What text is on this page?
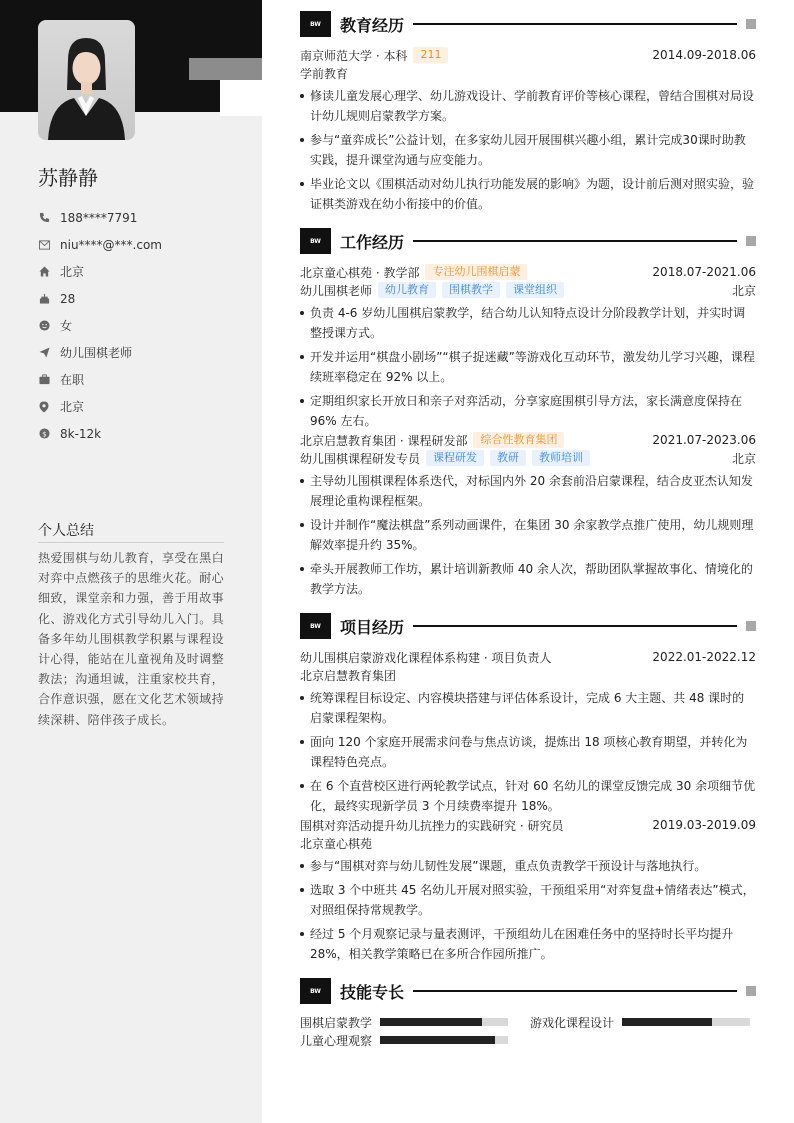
苏静静
188****7791
niu****@***.com
北京
28
女
幼儿围棋老师
在职
北京
$ 8k-12k
个人总结
热爱围棋与幼儿教育，享受在黑白对弈中点燃孩子的思维火花。耐心细致，课堂亲和力强，善于用故事化、游戏化方式引导幼儿入门。具备多年幼儿围棋教学积累与课程设计心得，能站在儿童视角及时调整教法；沟通坦诚，注重家校共育，合作意识强，愿在文化艺术领域持续深耕、陪伴孩子成长。
BW	教育经历
南京师范大学 · 本科	211	2014.09-2018.06
学前教育
修读儿童发展心理学、幼儿游戏设计、学前教育评价等核心课程，曾结合围棋对局设计幼儿规则启蒙教学方案。
参与“童弈成长”公益计划，在多家幼儿园开展围棋兴趣小组，累计完成30课时助教实践，提升课堂沟通与应变能力。
毕业论文以《围棋活动对幼儿执行功能发展的影响》为题，设计前后测对照实验，验证棋类游戏在幼小衔接中的价值。
BW	工作经历
北京童心棋苑 · 教学部	专注幼儿围棋启蒙	2018.07-2021.06
幼儿围棋老师	幼儿教育	围棋教学	课堂组织	北京
负责 4-6 岁幼儿围棋启蒙教学，结合幼儿认知特点设计分阶段教学计划，并实时调整授课方式。
开发并运用“棋盘小剧场”“棋子捉迷藏”等游戏化互动环节，激发幼儿学习兴趣，课程续班率稳定在 92% 以上。
定期组织家长开放日和亲子对弈活动，分享家庭围棋引导方法，家长满意度保持在 96% 左右。
北京启慧教育集团 · 课程研发部	综合性教育集团	2021.07-2023.06
幼儿围棋课程研发专员	课程研发	教研	教师培训	北京
主导幼儿围棋课程体系迭代，对标国内外 20 余套前沿启蒙课程，结合皮亚杰认知发展理论重构课程框架。
设计并制作“魔法棋盘”系列动画课件，在集团 30 余家教学点推广使用，幼儿规则理解效率提升约 35%。
牵头开展教师工作坊，累计培训新教师 40 余人次，帮助团队掌握故事化、情境化的教学方法。
BW	项目经历
幼儿围棋启蒙游戏化课程体系构建 · 项目负责人	2022.01-2022.12
北京启慧教育集团
统筹课程目标设定、内容模块搭建与评估体系设计，完成 6 大主题、共 48 课时的启蒙课程架构。
面向 120 个家庭开展需求问卷与焦点访谈，提炼出 18 项核心教育期望，并转化为课程特色亮点。
在 6 个直营校区进行两轮教学试点，针对 60 名幼儿的课堂反馈完成 30 余项细节优化，最终实现新学员 3 个月续费率提升 18%。
围棋对弈活动提升幼儿抗挫力的实践研究 · 研究员	2019.03-2019.09
北京童心棋苑
参与“围棋对弈与幼儿韧性发展”课题，重点负责教学干预设计与落地执行。
选取 3 个中班共 45 名幼儿开展对照实验，干预组采用“对弈复盘+情绪表达”模式，对照组保持常规教学。
经过 5 个月观察记录与量表测评，干预组幼儿在困难任务中的坚持时长平均提升 28%，相关教学策略已在多所合作园所推广。
BW	技能专长
围棋启蒙教学	游戏化课程设计
儿童心理观察
